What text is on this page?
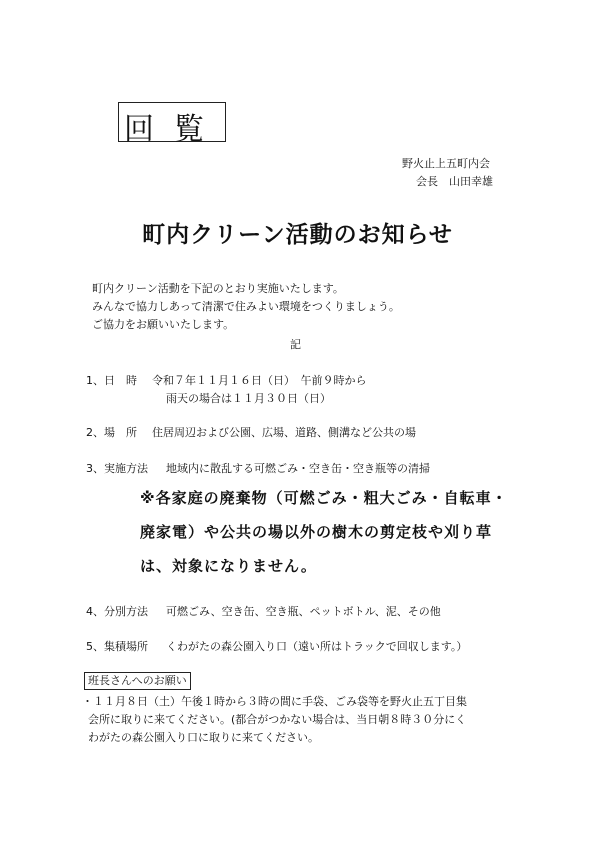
回覧
野火止上五町内会
会長　山田幸雄
町内クリーン活動のお知らせ
町内クリーン活動を下記のとおり実施いたします。
みんなで協力しあって清潔で住みよい環境をつくりましょう。
ご協力をお願いいたします。
記
1、日　時 令和７年１１月１６日（日）　午前９時から
雨天の場合は１１月３０日（日）
2、場　所 住居周辺および公園、広場、道路、側溝など公共の場
3、実施方法 地域内に散乱する可燃ごみ・空き缶・空き瓶等の清掃
※各家庭の廃棄物（可燃ごみ・粗大ごみ・自転車・
廃家電）や公共の場以外の樹木の剪定枝や刈り草
は、対象になりません。
4、分別方法 可燃ごみ、空き缶、空き瓶、ペットボトル、泥、その他
5、集積場所 くわがたの森公園入り口（遠い所はトラックで回収します。）
班長さんへのお願い
・１１月８日（土）午後１時から３時の間に手袋、ごみ袋等を野火止五丁目集
会所に取りに来てください。(都合がつかない場合は、当日朝８時３０分にく
わがたの森公園入り口に取りに来てください。
